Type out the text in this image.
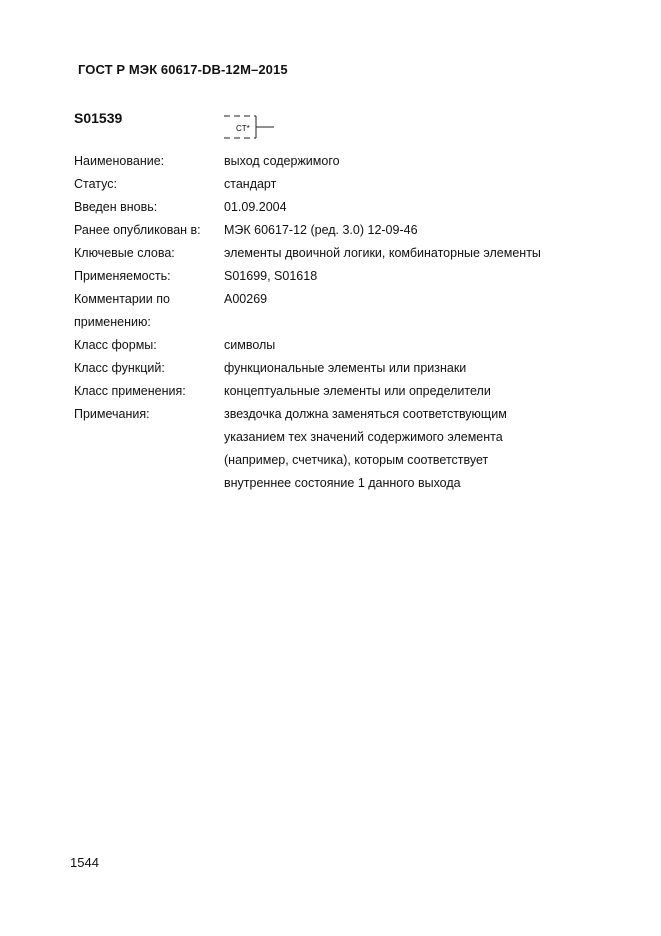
ГОСТ Р МЭК 60617-DB-12M–2015
S01539
CT*
Наименование:	выход содержимого
Статус:	стандарт
Введен вновь:	01.09.2004
Ранее опубликован в:	МЭК 60617-12 (ред. 3.0) 12-09-46
Ключевые слова:	элементы двоичной логики, комбинаторные элементы
Применяемость:	S01699, S01618
Комментарии по применению:
A00269
Класс формы:	символы
Класс функций:	функциональные элементы или признаки
Класс применения:	концептуальные элементы или определители
Примечания:	звездочка должна заменяться соответствующим
указанием тех значений содержимого элемента
(например, счетчика), которым соответствует
внутреннее состояние 1 данного выхода
1544
